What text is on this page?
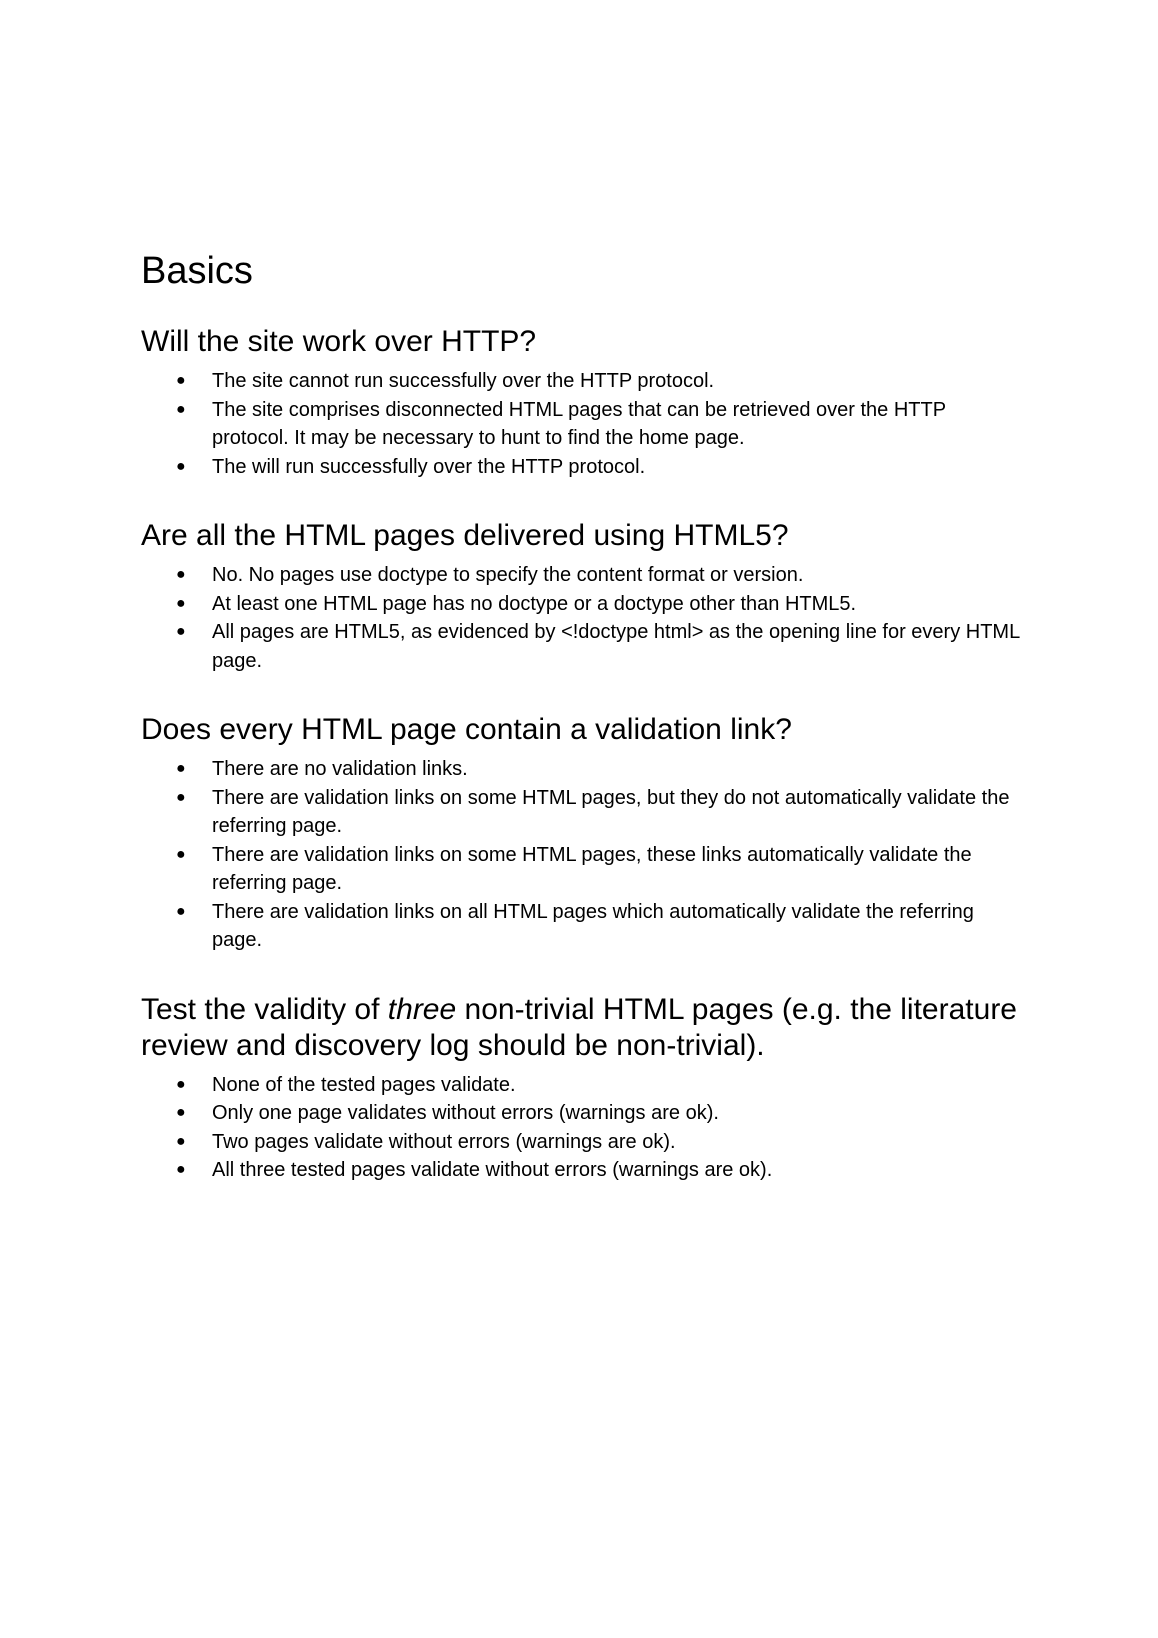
Basics
Will the site work over HTTP?
● The site cannot run successfully over the HTTP protocol.
● The site comprises disconnected HTML pages that can be retrieved over the HTTP protocol. It may be necessary to hunt to find the home page.
● The will run successfully over the HTTP protocol.
Are all the HTML pages delivered using HTML5?
● No. No pages use doctype to specify the content format or version.
● At least one HTML page has no doctype or a doctype other than HTML5.
● All pages are HTML5, as evidenced by <!doctype html> as the opening line for every HTML page.
Does every HTML page contain a validation link?
● There are no validation links.
● There are validation links on some HTML pages, but they do not automatically validate the referring page.
● There are validation links on some HTML pages, these links automatically validate the referring page.
● There are validation links on all HTML pages which automatically validate the referring page.
Test the validity of three non-trivial HTML pages (e.g. the literature review and discovery log should be non-trivial).
● None of the tested pages validate.
● Only one page validates without errors (warnings are ok).
● Two pages validate without errors (warnings are ok).
● All three tested pages validate without errors (warnings are ok).
